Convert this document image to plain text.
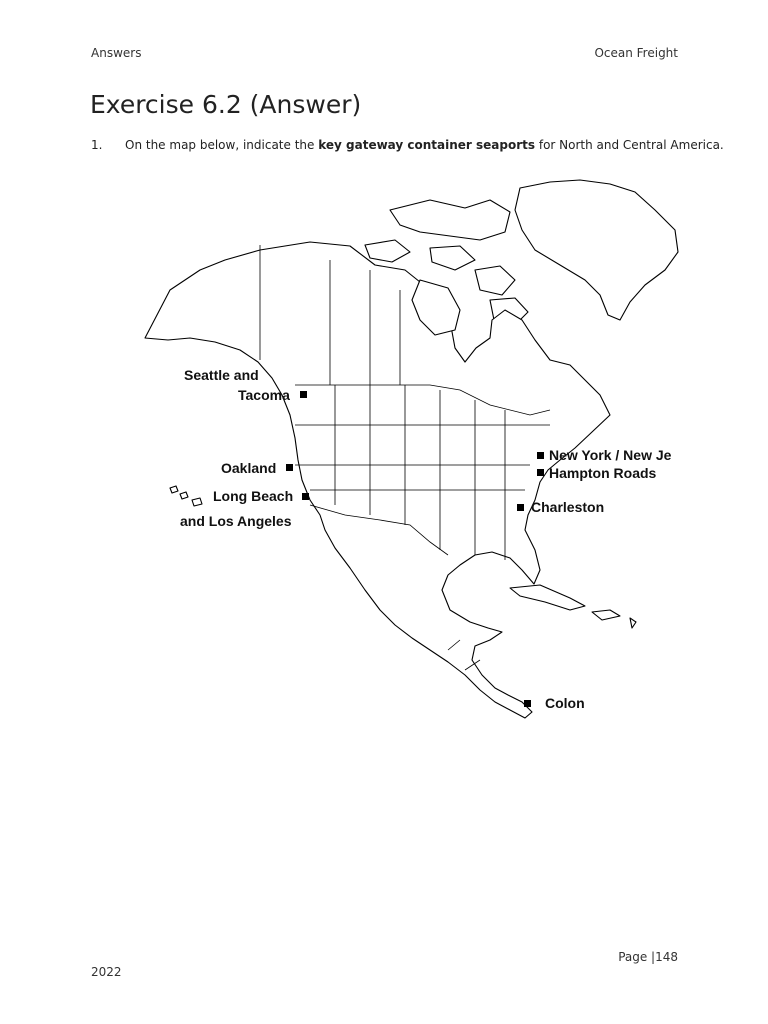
Answers	Ocean Freight
Exercise 6.2 (Answer)
1. On the map below, indicate the key gateway container seaports for North and Central America.
Seattle and
Tacoma
Oakland
Long Beach
and Los Angeles
New York / New Je
Hampton Roads
Charleston
Colon
Page |148
2022
